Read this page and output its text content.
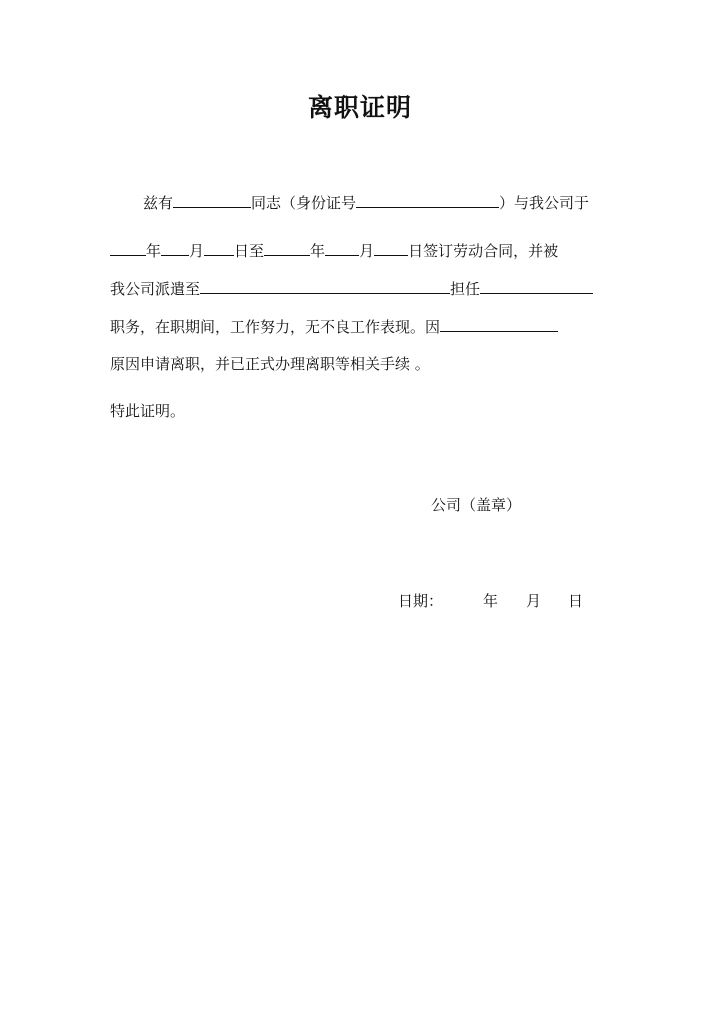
离职证明
兹有	同志（身份证号	）与我公司于
年 月 日至	年 月 日签订劳动合同，并被
我公司派遣至	担任
职务，在职期间，工作努力，无不良工作表现。因
原因申请离职，并已正式办理离职等相关手续 。
特此证明。
公司（盖章）
日期：	年 月 日
